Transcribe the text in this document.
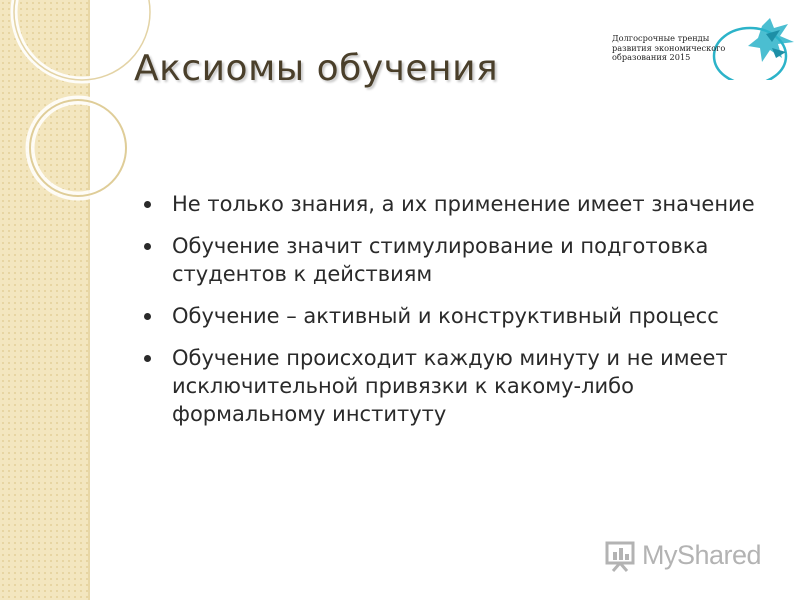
Аксиомы обучения
Долгосрочные тренды развития экономического образования 2015
Не только знания, а их применение имеет значение
Обучение значит стимулирование и подготовка студентов к действиям
Обучение – активный и конструктивный процесс
Обучение происходит каждую минуту и не имеет исключительной привязки к какому-либо формальному институту
MyShared
